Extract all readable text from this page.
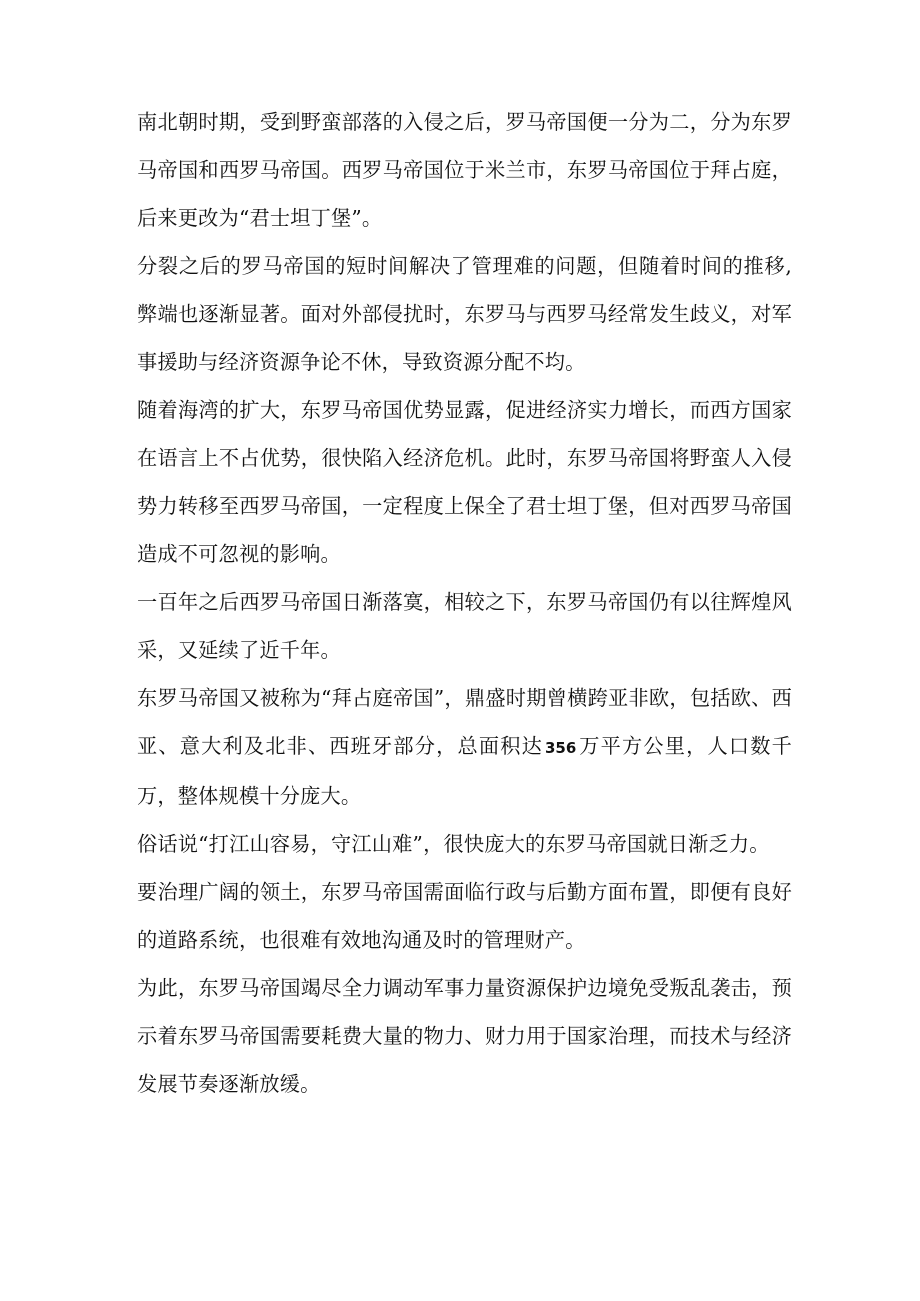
南北朝时期，受到野蛮部落的入侵之后，罗马帝国便一分为二，分为东罗马帝国和西罗马帝国。西罗马帝国位于米兰市，东罗马帝国位于拜占庭，后来更改为“君士坦丁堡”。

分裂之后的罗马帝国的短时间解决了管理难的问题，但随着时间的推移,弊端也逐渐显著。面对外部侵扰时，东罗马与西罗马经常发生歧义，对军事援助与经济资源争论不休，导致资源分配不均。

随着海湾的扩大，东罗马帝国优势显露，促进经济实力增长，而西方国家在语言上不占优势，很快陷入经济危机。此时，东罗马帝国将野蛮人入侵势力转移至西罗马帝国，一定程度上保全了君士坦丁堡，但对西罗马帝国造成不可忽视的影响。

一百年之后西罗马帝国日渐落寞，相较之下，东罗马帝国仍有以往辉煌风采，又延续了近千年。

东罗马帝国又被称为“拜占庭帝国”，鼎盛时期曾横跨亚非欧，包括欧、西亚、意大利及北非、西班牙部分，总面积达 356万平方公里，人口数千万，整体规模十分庞大。

俗话说“打江山容易，守江山难”，很快庞大的东罗马帝国就日渐乏力。

要治理广阔的领土，东罗马帝国需面临行政与后勤方面布置，即便有良好的道路系统，也很难有效地沟通及时的管理财产。

为此，东罗马帝国竭尽全力调动军事力量资源保护边境免受叛乱袭击，预示着东罗马帝国需要耗费大量的物力、财力用于国家治理，而技术与经济发展节奏逐渐放缓。
